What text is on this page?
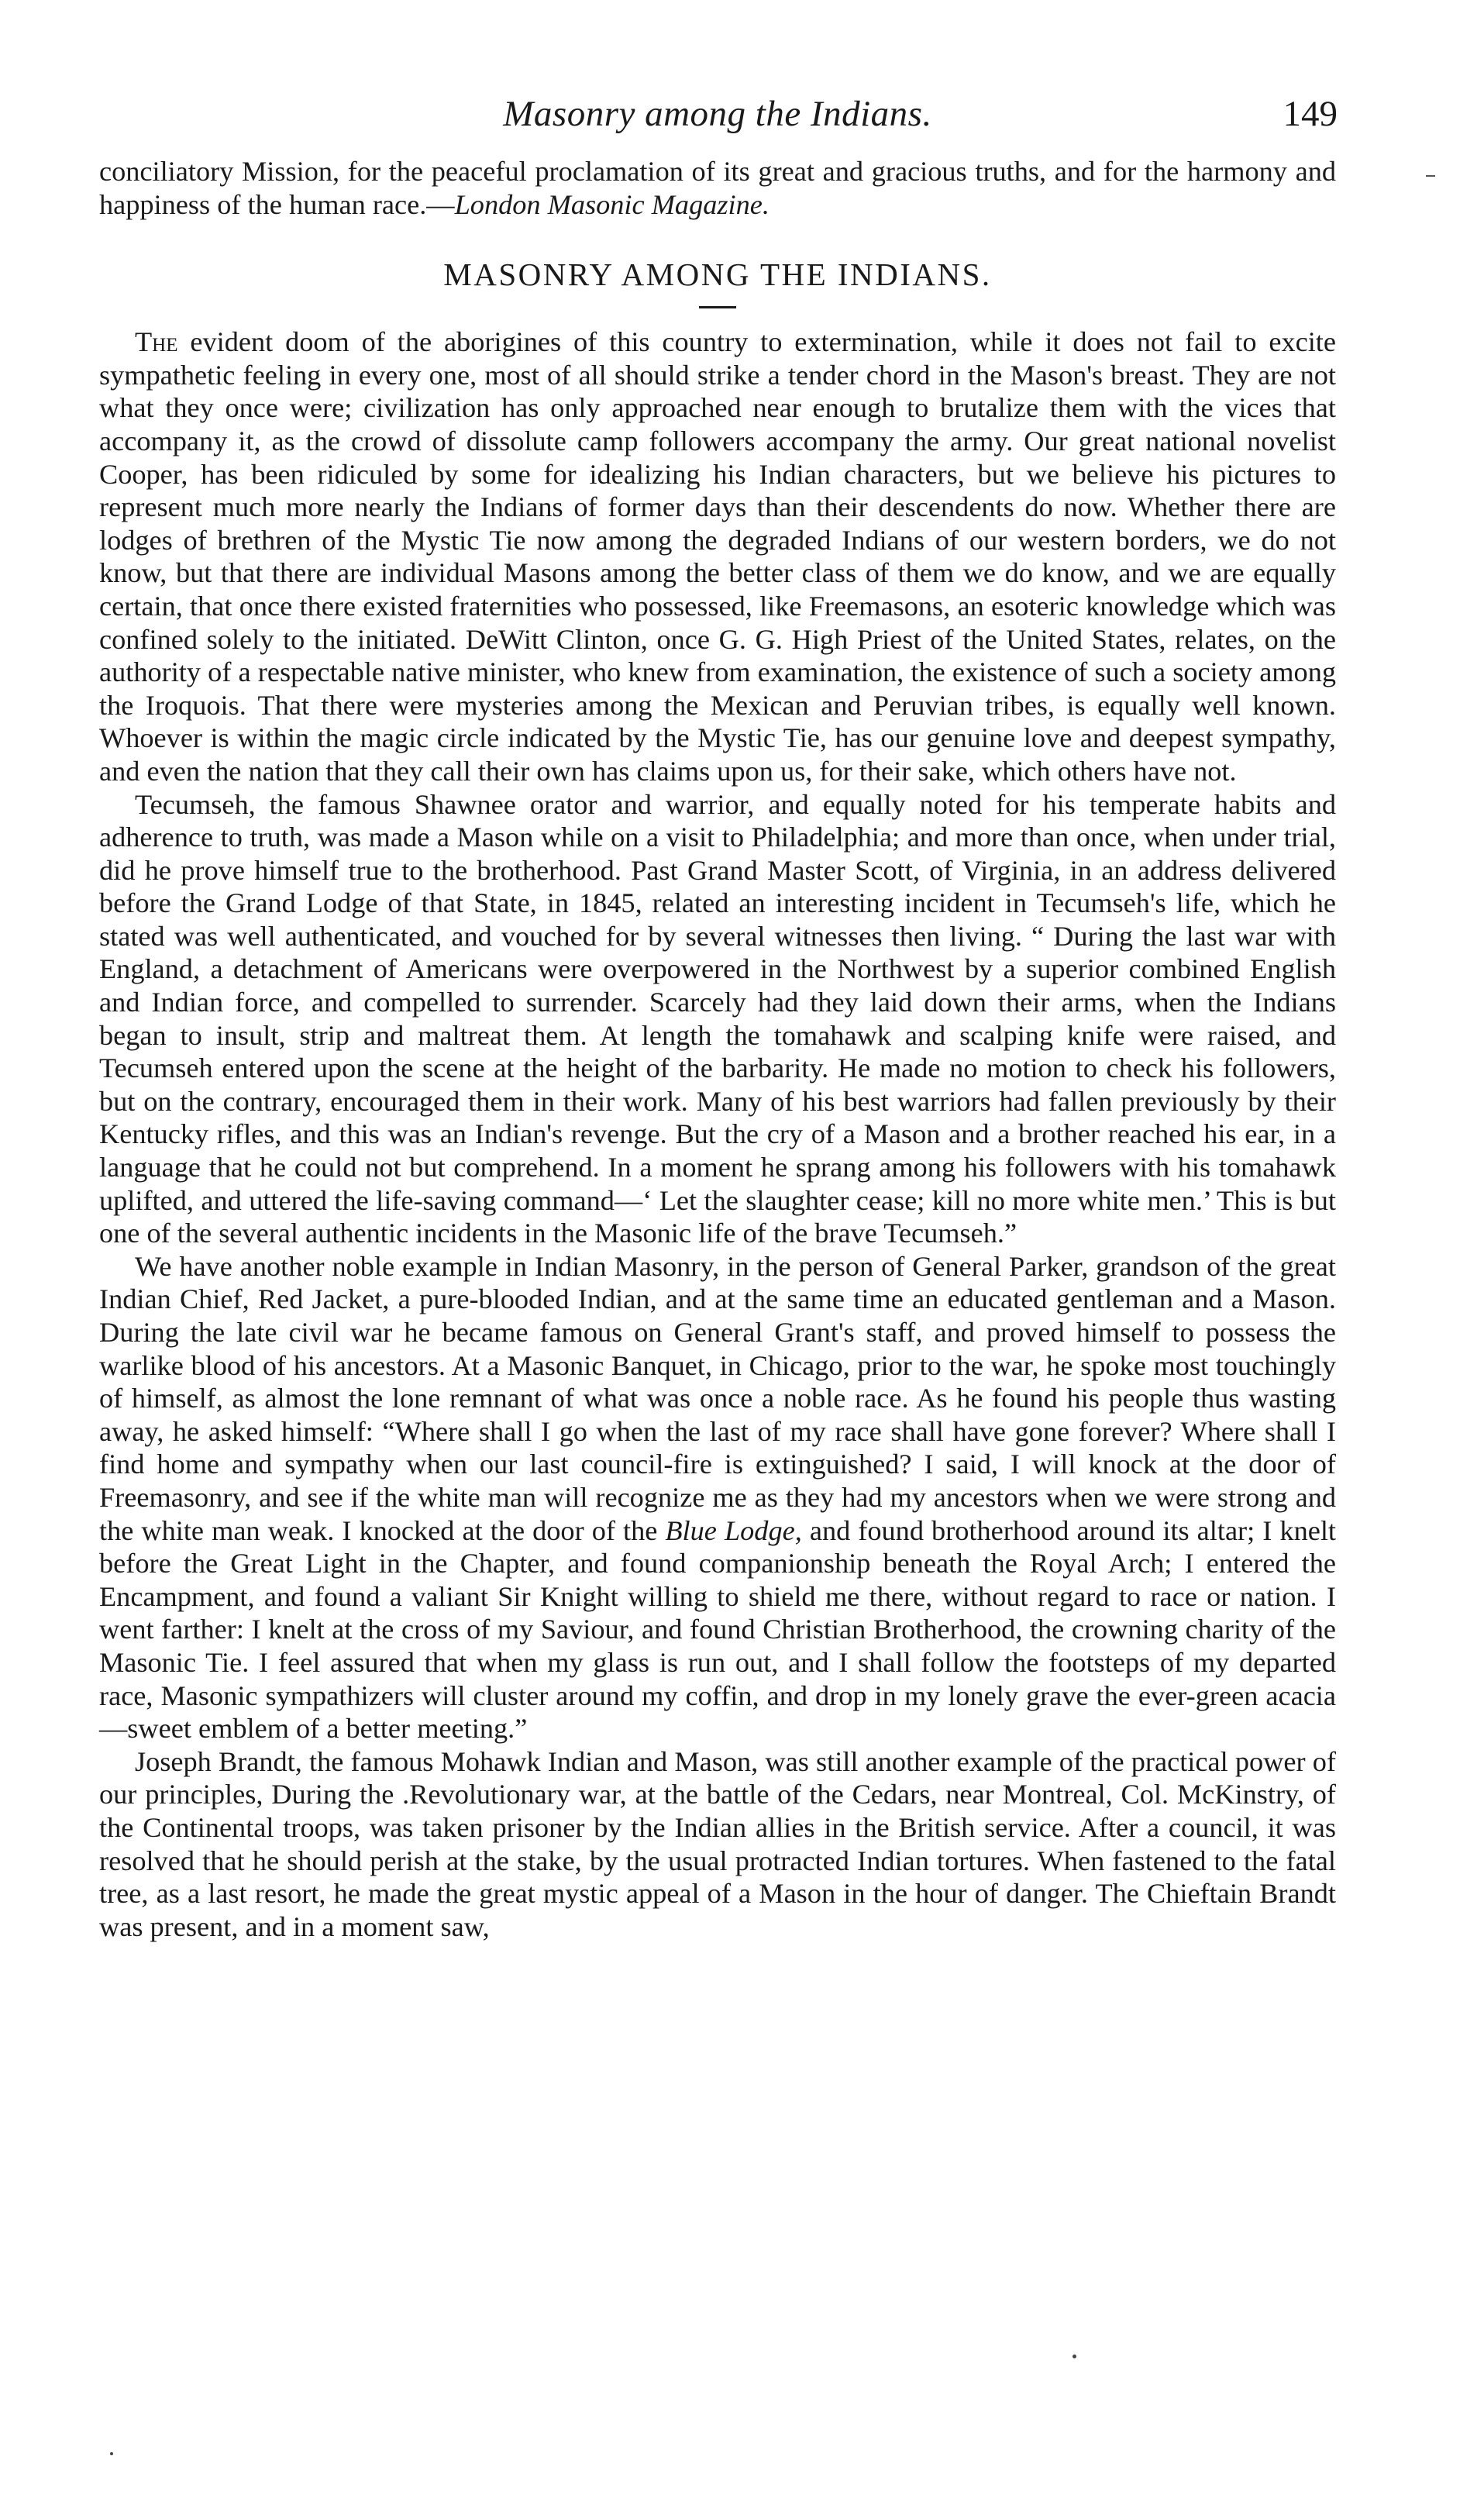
Masonry among the Indians.	149

conciliatory Mission, for the peaceful proclamation of its great and gracious truths, and for the harmony and happiness of the human race.—London Masonic Magazine.

MASONRY AMONG THE INDIANS.

The evident doom of the aborigines of this country to extermination, while it does not fail to excite sympathetic feeling in every one, most of all should strike a tender chord in the Mason's breast. They are not what they once were; civilization has only approached near enough to brutalize them with the vices that accompany it, as the crowd of dissolute camp followers accompany the army. Our great national novelist Cooper, has been ridiculed by some for idealizing his Indian characters, but we believe his pictures to represent much more nearly the Indians of former days than their descendents do now. Whether there are lodges of brethren of the Mystic Tie now among the degraded Indians of our western borders, we do not know, but that there are individual Masons among the better class of them we do know, and we are equally certain, that once there existed fraternities who possessed, like Freemasons, an esoteric knowledge which was confined solely to the initiated. DeWitt Clinton, once G. G. High Priest of the United States, relates, on the authority of a respectable native minister, who knew from examination, the existence of such a society among the Iroquois. That there were mysteries among the Mexican and Peruvian tribes, is equally well known. Whoever is within the magic circle indicated by the Mystic Tie, has our genuine love and deepest sympathy, and even the nation that they call their own has claims upon us, for their sake, which others have not.

Tecumseh, the famous Shawnee orator and warrior, and equally noted for his temperate habits and adherence to truth, was made a Mason while on a visit to Philadelphia; and more than once, when under trial, did he prove himself true to the brotherhood. Past Grand Master Scott, of Virginia, in an address delivered before the Grand Lodge of that State, in 1845, related an interesting incident in Tecumseh's life, which he stated was well authenticated, and vouched for by several witnesses then living. “ During the last war with England, a detachment of Americans were overpowered in the Northwest by a superior combined English and Indian force, and compelled to surrender. Scarcely had they laid down their arms, when the Indians began to insult, strip and maltreat them. At length the tomahawk and scalping knife were raised, and Tecumseh entered upon the scene at the height of the barbarity. He made no motion to check his followers, but on the contrary, encouraged them in their work. Many of his best warriors had fallen previously by their Kentucky rifles, and this was an Indian's revenge. But the cry of a Mason and a brother reached his ear, in a language that he could not but comprehend. In a moment he sprang among his followers with his tomahawk uplifted, and uttered the life-saving command—‘ Let the slaughter cease; kill no more white men.’ This is but one of the several authentic incidents in the Masonic life of the brave Tecumseh.”

We have another noble example in Indian Masonry, in the person of General Parker, grandson of the great Indian Chief, Red Jacket, a pure-blooded Indian, and at the same time an educated gentleman and a Mason. During the late civil war he became famous on General Grant's staff, and proved himself to possess the warlike blood of his ancestors. At a Masonic Banquet, in Chicago, prior to the war, he spoke most touchingly of himself, as almost the lone remnant of what was once a noble race. As he found his people thus wasting away, he asked himself: “Where shall I go when the last of my race shall have gone forever? Where shall I find home and sympathy when our last council-fire is extinguished? I said, I will knock at the door of Freemasonry, and see if the white man will recognize me as they had my ancestors when we were strong and the white man weak. I knocked at the door of the Blue Lodge, and found brotherhood around its altar; I knelt before the Great Light in the Chapter, and found companionship beneath the Royal Arch; I entered the Encampment, and found a valiant Sir Knight willing to shield me there, without regard to race or nation. I went farther: I knelt at the cross of my Saviour, and found Christian Brotherhood, the crowning charity of the Masonic Tie. I feel assured that when my glass is run out, and I shall follow the footsteps of my departed race, Masonic sympathizers will cluster around my coffin, and drop in my lonely grave the ever-green acacia—sweet emblem of a better meeting.”

Joseph Brandt, the famous Mohawk Indian and Mason, was still another example of the practical power of our principles, During the .Revolutionary war, at the battle of the Cedars, near Montreal, Col. McKinstry, of the Continental troops, was taken prisoner by the Indian allies in the British service. After a council, it was resolved that he should perish at the stake, by the usual protracted Indian tortures. When fastened to the fatal tree, as a last resort, he made the great mystic appeal of a Mason in the hour of danger. The Chieftain Brandt was present, and in a moment saw,
